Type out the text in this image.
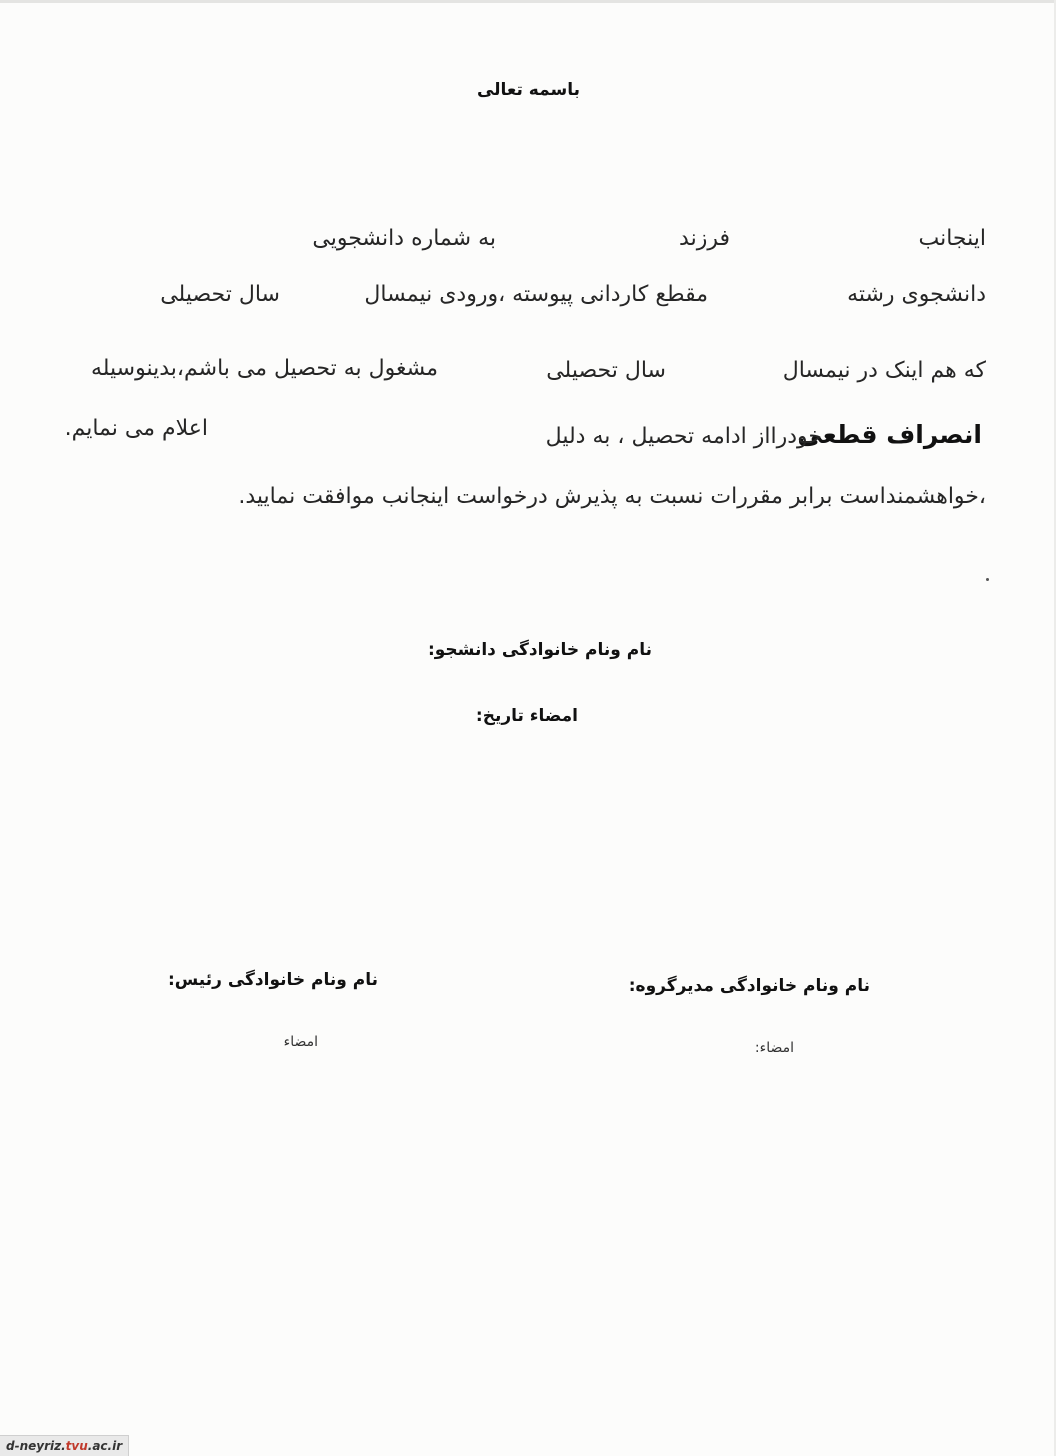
باسمه تعالی
اینجانب
فرزند
به شماره دانشجویی
دانشجوی رشته
مقطع کاردانی پیوسته ،ورودی نیمسال
سال تحصیلی
که هم اینک در نیمسال
سال تحصیلی
مشغول به تحصیل می باشم،بدینوسیله
انصراف قطعی
خودرااز ادامه تحصیل ، به دلیل
اعلام می نمایم.
،خواهشمنداست برابر مقررات نسبت به پذیرش درخواست اینجانب موافقت نمایید.
نام ونام خانوادگی دانشجو:
امضاء تاریخ:
نام ونام خانوادگی مدیرگروه:
امضاء:
نام ونام خانوادگی رئیس:
امضاء
d-neyriz.tvu.ac.ir
